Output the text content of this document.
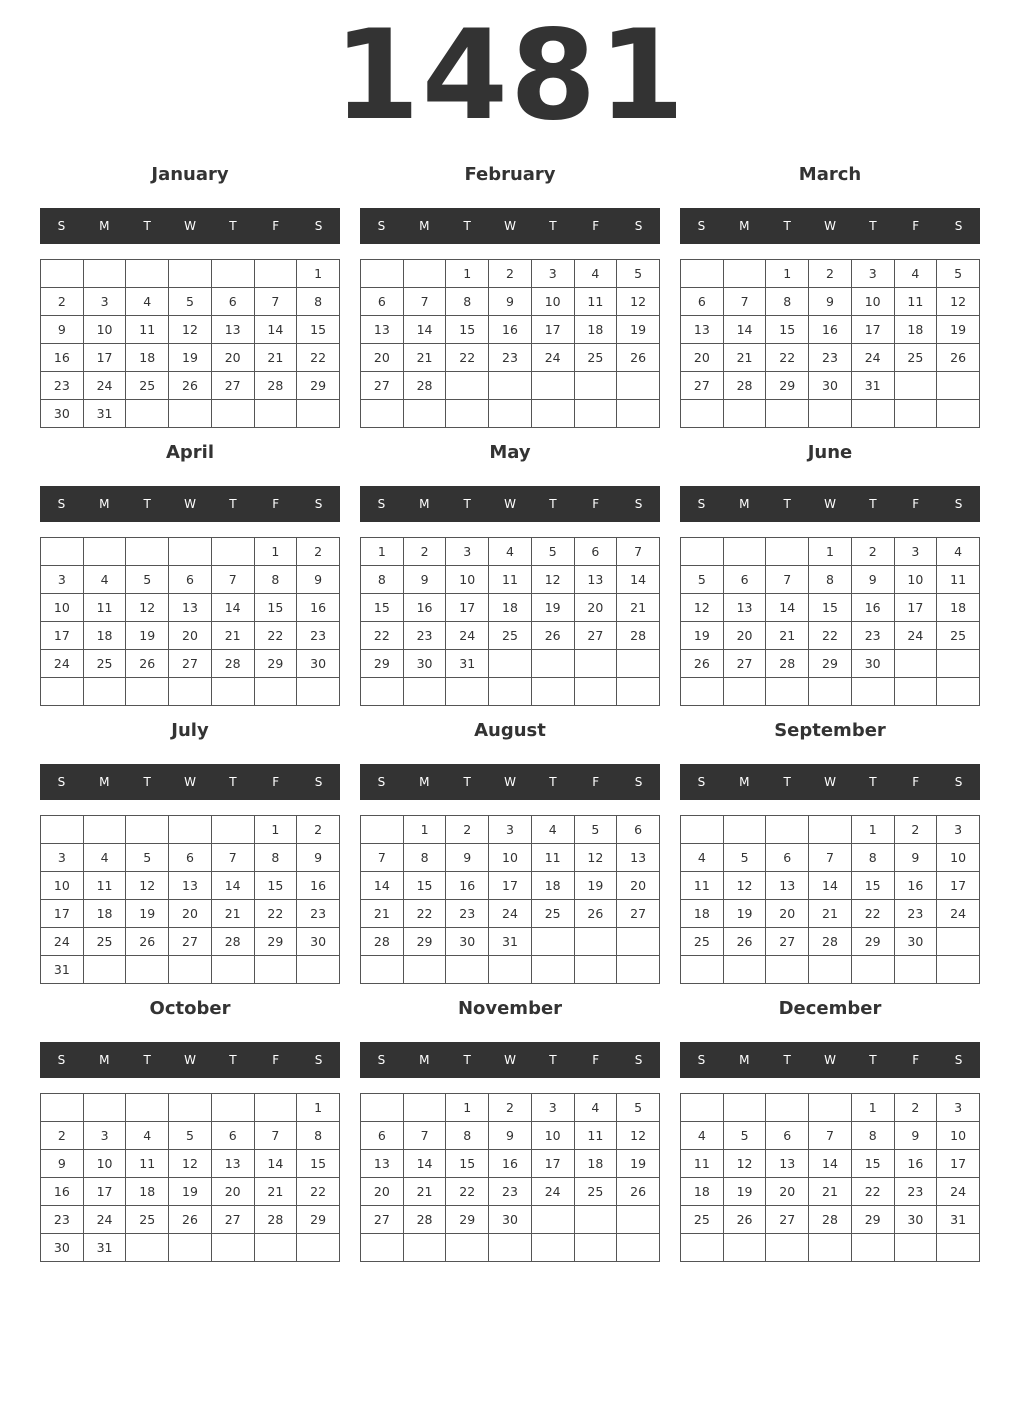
1481
January
S	M	T	W	T	F	S
						1
2	3	4	5	6	7	8
9	10	11	12	13	14	15
16	17	18	19	20	21	22
23	24	25	26	27	28	29
30	31					
February
S	M	T	W	T	F	S
		1	2	3	4	5
6	7	8	9	10	11	12
13	14	15	16	17	18	19
20	21	22	23	24	25	26
27	28					

March
S	M	T	W	T	F	S
		1	2	3	4	5
6	7	8	9	10	11	12
13	14	15	16	17	18	19
20	21	22	23	24	25	26
27	28	29	30	31		

April
S	M	T	W	T	F	S
					1	2
3	4	5	6	7	8	9
10	11	12	13	14	15	16
17	18	19	20	21	22	23
24	25	26	27	28	29	30

May
S	M	T	W	T	F	S
1	2	3	4	5	6	7
8	9	10	11	12	13	14
15	16	17	18	19	20	21
22	23	24	25	26	27	28
29	30	31				

June
S	M	T	W	T	F	S
			1	2	3	4
5	6	7	8	9	10	11
12	13	14	15	16	17	18
19	20	21	22	23	24	25
26	27	28	29	30		

July
S	M	T	W	T	F	S
					1	2
3	4	5	6	7	8	9
10	11	12	13	14	15	16
17	18	19	20	21	22	23
24	25	26	27	28	29	30
31						
August
S	M	T	W	T	F	S
	1	2	3	4	5	6
7	8	9	10	11	12	13
14	15	16	17	18	19	20
21	22	23	24	25	26	27
28	29	30	31			

September
S	M	T	W	T	F	S
				1	2	3
4	5	6	7	8	9	10
11	12	13	14	15	16	17
18	19	20	21	22	23	24
25	26	27	28	29	30	

October
S	M	T	W	T	F	S
						1
2	3	4	5	6	7	8
9	10	11	12	13	14	15
16	17	18	19	20	21	22
23	24	25	26	27	28	29
30	31					
November
S	M	T	W	T	F	S
		1	2	3	4	5
6	7	8	9	10	11	12
13	14	15	16	17	18	19
20	21	22	23	24	25	26
27	28	29	30			

December
S	M	T	W	T	F	S
				1	2	3
4	5	6	7	8	9	10
11	12	13	14	15	16	17
18	19	20	21	22	23	24
25	26	27	28	29	30	31
